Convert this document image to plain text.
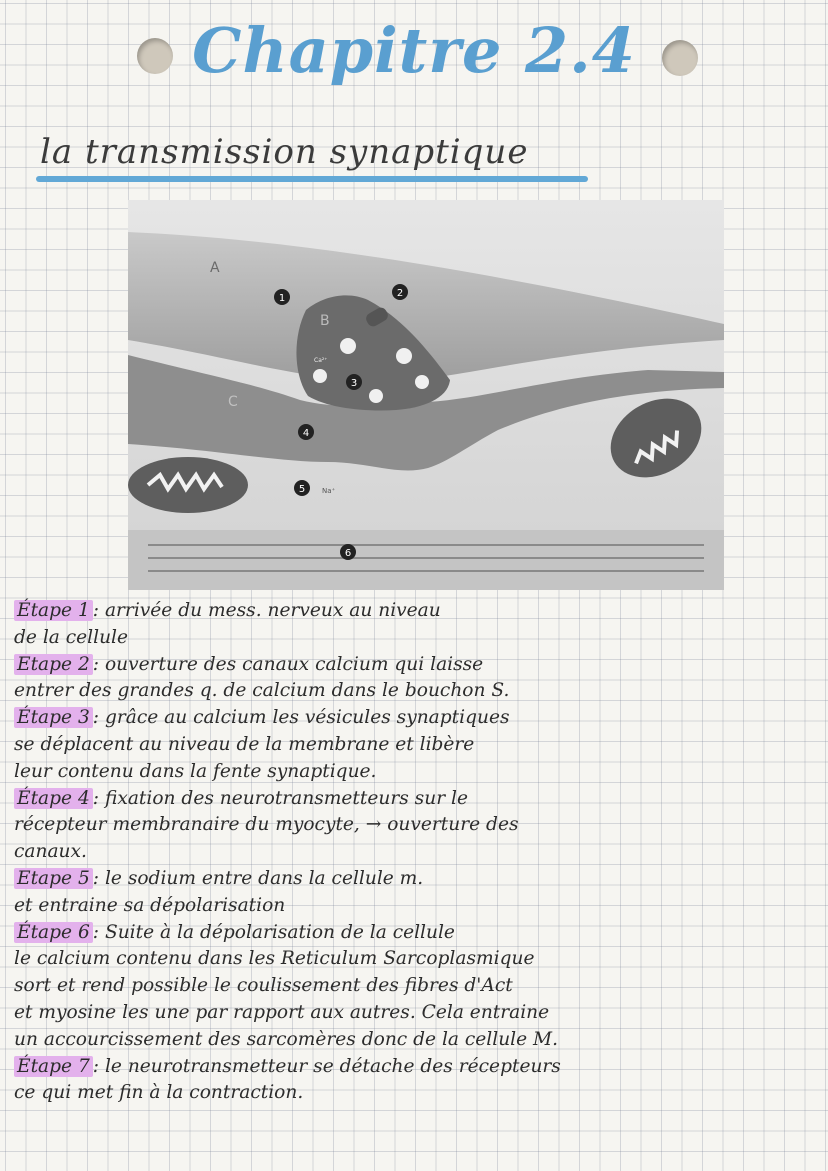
Chapitre 2.4
la transmission synaptique
A
B
C
Ca²⁺
Na⁺
1	2
3
4
5
6
Étape 1 : arrivée du mess. nerveux au niveau
de la cellule
Etape 2 : ouverture des canaux calcium qui laisse
entrer des grandes q. de calcium dans le bouchon S.
Étape 3 : grâce au calcium les vésicules synaptiques
se déplacent au niveau de la membrane et libère
leur contenu dans la fente synaptique.
Étape 4 : fixation des neurotransmetteurs sur le
récepteur membranaire du myocyte, → ouverture des
canaux.
Etape 5 : le sodium entre dans la cellule m.
et entraine sa dépolarisation
Étape 6 : Suite à la dépolarisation de la cellule
le calcium contenu dans les Reticulum Sarcoplasmique
sort et rend possible le coulissement des fibres d'Act
et myosine les une par rapport aux autres. Cela entraine
un accourcissement des sarcomères donc de la cellule M.
Étape 7 : le neurotransmetteur se détache des récepteurs
ce qui met fin à la contraction.
